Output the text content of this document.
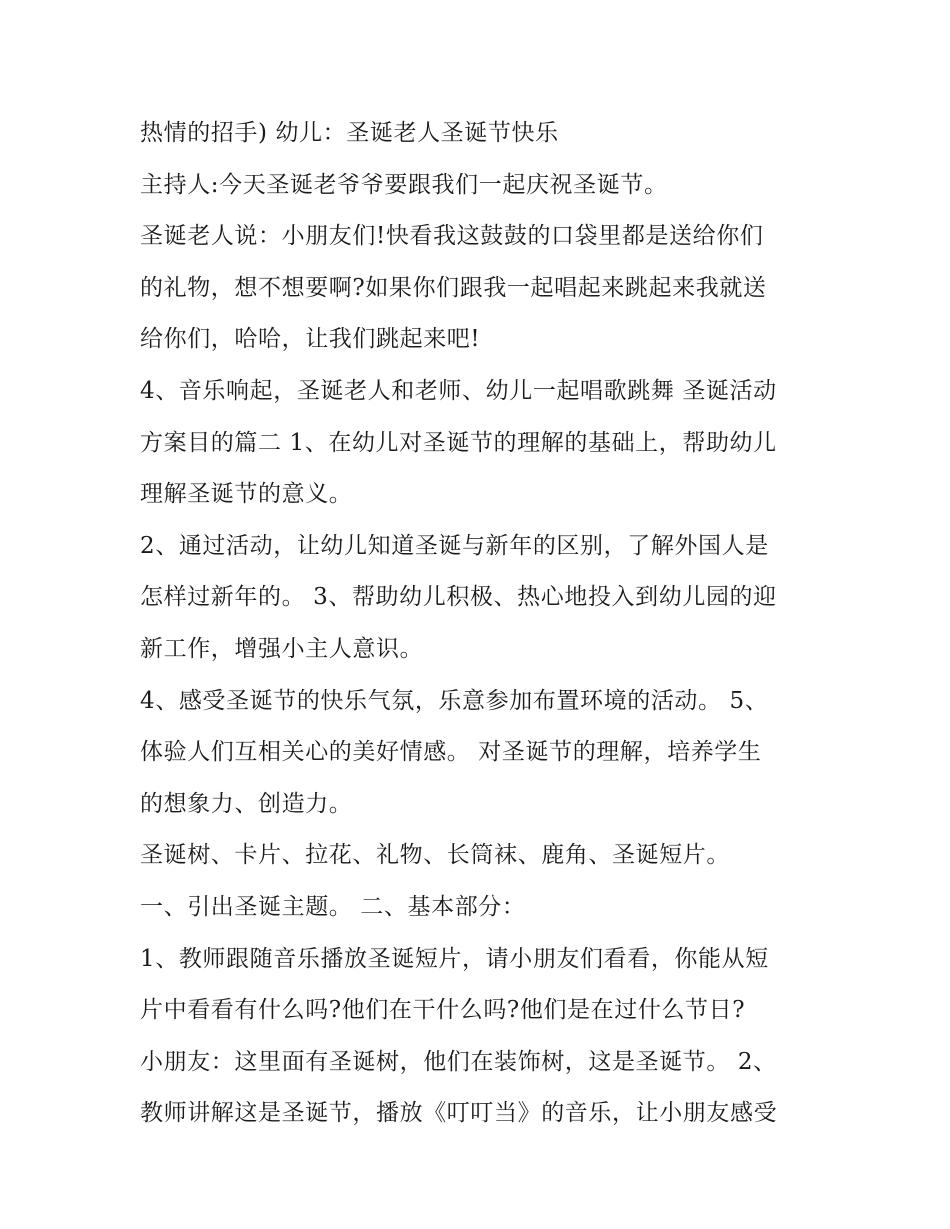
热情的招手) 幼儿：圣诞老人圣诞节快乐
主持人:今天圣诞老爷爷要跟我们一起庆祝圣诞节。
圣诞老人说：小朋友们!快看我这鼓鼓的口袋里都是送给你们
的礼物，想不想要啊?如果你们跟我一起唱起来跳起来我就送
给你们，哈哈，让我们跳起来吧!
4、音乐响起，圣诞老人和老师、幼儿一起唱歌跳舞 圣诞活动
方案目的篇二 1、在幼儿对圣诞节的理解的基础上，帮助幼儿
理解圣诞节的意义。
2、通过活动，让幼儿知道圣诞与新年的区别，了解外国人是
怎样过新年的。 3、帮助幼儿积极、热心地投入到幼儿园的迎
新工作，增强小主人意识。
4、感受圣诞节的快乐气氛，乐意参加布置环境的活动。 5、
体验人们互相关心的美好情感。 对圣诞节的理解，培养学生
的想象力、创造力。
圣诞树、卡片、拉花、礼物、长筒袜、鹿角、圣诞短片。
一、引出圣诞主题。 二、基本部分：
1、教师跟随音乐播放圣诞短片，请小朋友们看看，你能从短
片中看看有什么吗?他们在干什么吗?他们是在过什么节日?
小朋友：这里面有圣诞树，他们在装饰树，这是圣诞节。 2、
教师讲解这是圣诞节，播放《叮叮当》的音乐，让小朋友感受
